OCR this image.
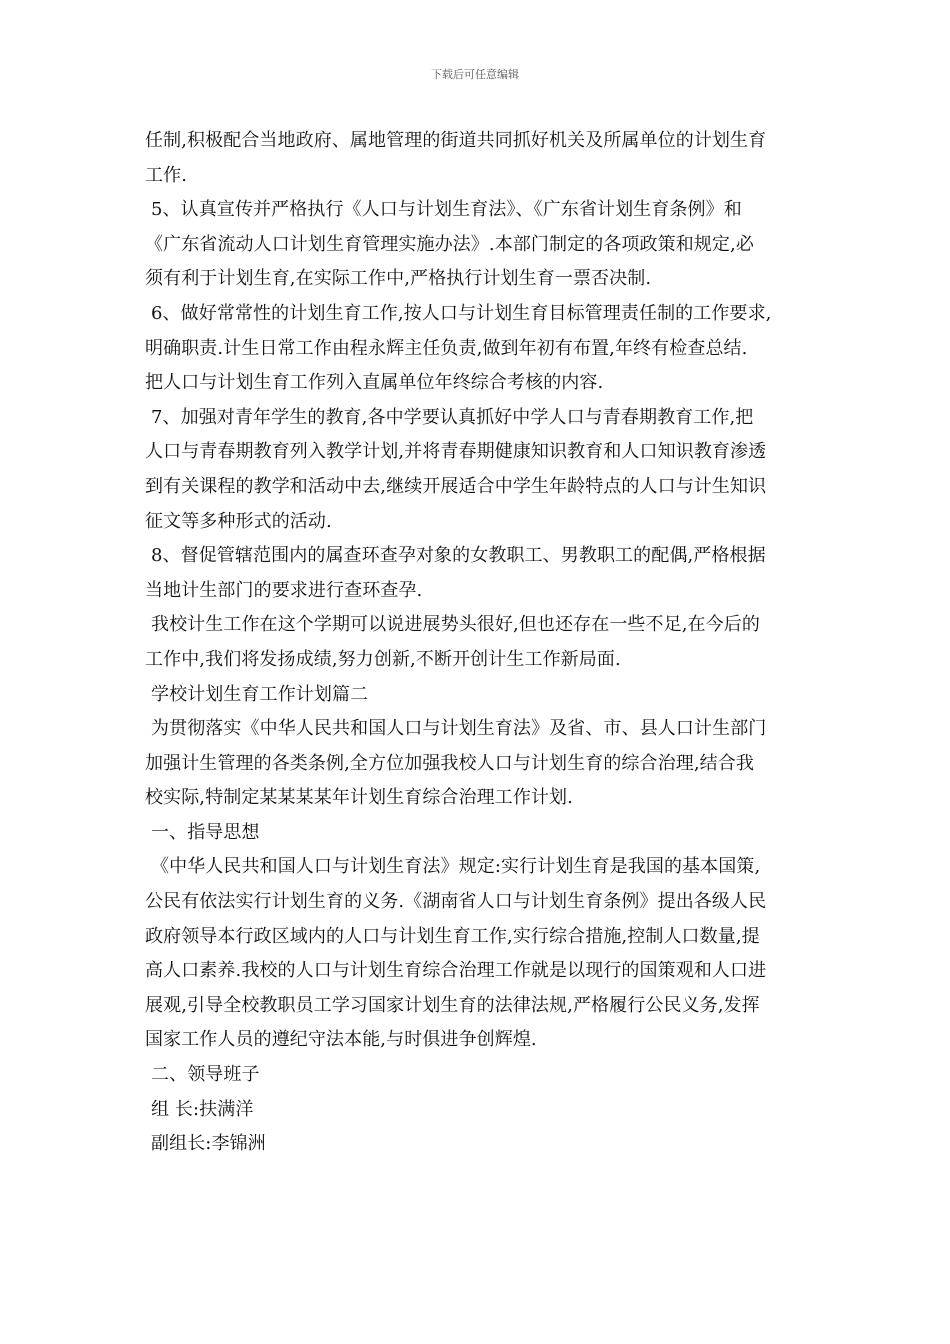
下载后可任意编辑
任制,积极配合当地政府、属地管理的街道共同抓好机关及所属单位的计划生育
工作.
5、认真宣传并严格执行《人口与计划生育法》、《广东省计划生育条例》和
《广东省流动人口计划生育管理实施办法》.本部门制定的各项政策和规定,必
须有利于计划生育,在实际工作中,严格执行计划生育一票否决制.
6、做好常常性的计划生育工作,按人口与计划生育目标管理责任制的工作要求,
明确职责.计生日常工作由程永辉主任负责,做到年初有布置,年终有检查总结.
把人口与计划生育工作列入直属单位年终综合考核的内容.
7、加强对青年学生的教育,各中学要认真抓好中学人口与青春期教育工作,把
人口与青春期教育列入教学计划,并将青春期健康知识教育和人口知识教育渗透
到有关课程的教学和活动中去,继续开展适合中学生年龄特点的人口与计生知识
征文等多种形式的活动.
8、督促管辖范围内的属查环查孕对象的女教职工、男教职工的配偶,严格根据
当地计生部门的要求进行查环查孕.
我校计生工作在这个学期可以说进展势头很好,但也还存在一些不足,在今后的
工作中,我们将发扬成绩,努力创新,不断开创计生工作新局面.
学校计划生育工作计划篇二
为贯彻落实《中华人民共和国人口与计划生育法》及省、市、县人口计生部门
加强计生管理的各类条例,全方位加强我校人口与计划生育的综合治理,结合我
校实际,特制定某某某某年计划生育综合治理工作计划.
一、指导思想
《中华人民共和国人口与计划生育法》规定:实行计划生育是我国的基本国策,
公民有依法实行计划生育的义务.《湖南省人口与计划生育条例》提出各级人民
政府领导本行政区域内的人口与计划生育工作,实行综合措施,控制人口数量,提
高人口素养.我校的人口与计划生育综合治理工作就是以现行的国策观和人口进
展观,引导全校教职员工学习国家计划生育的法律法规,严格履行公民义务,发挥
国家工作人员的遵纪守法本能,与时俱进争创辉煌.
二、领导班子
组 长:扶满洋
副组长:李锦洲
